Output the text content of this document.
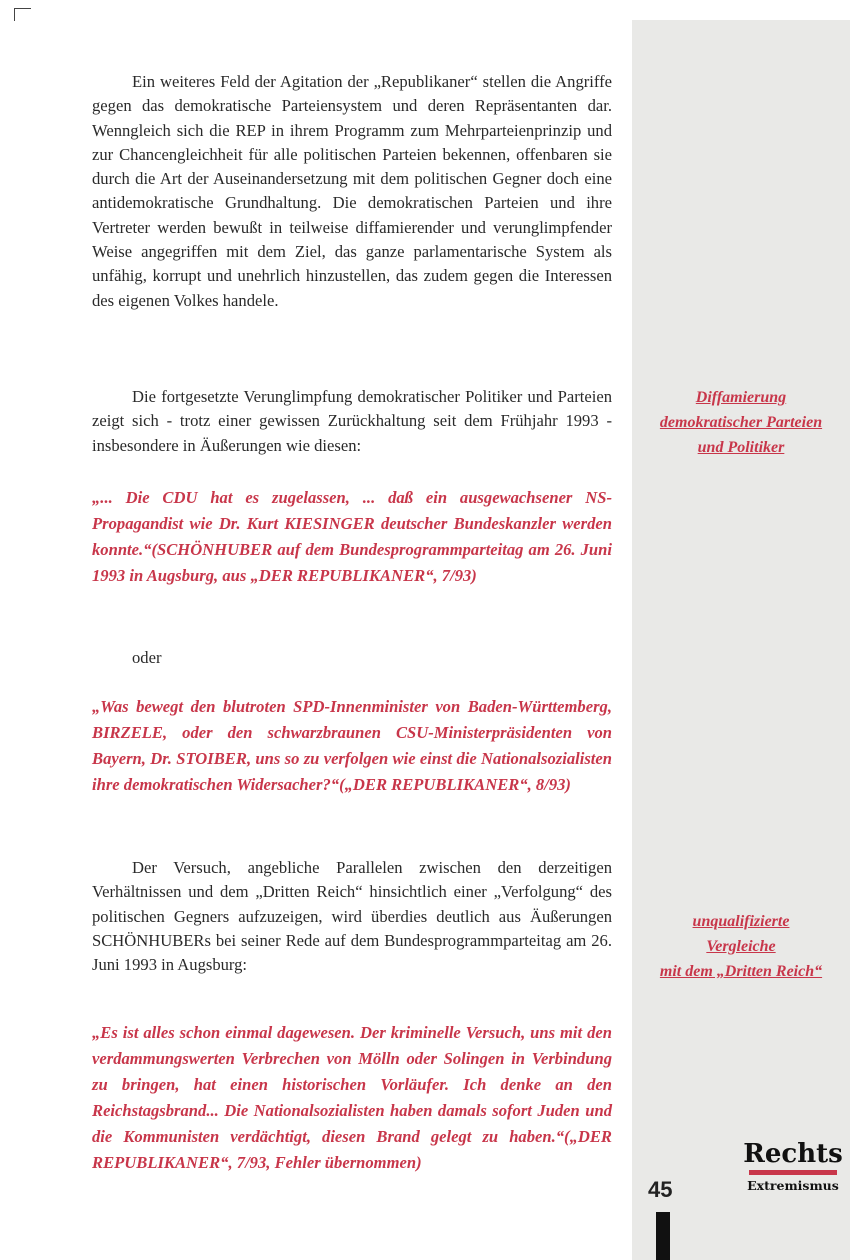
Ein weiteres Feld der Agitation der „Republikaner“ stellen die Angriffe gegen das demokratische Parteiensystem und deren Repräsentanten dar. Wenngleich sich die REP in ihrem Programm zum Mehrparteienprinzip und zur Chancengleichheit für alle politischen Parteien bekennen, offenbaren sie durch die Art der Auseinandersetzung mit dem politischen Gegner doch eine antidemokratische Grundhaltung. Die demokratischen Parteien und ihre Vertreter werden bewußt in teilweise diffamierender und verunglimpfender Weise angegriffen mit dem Ziel, das ganze parlamentarische System als unfähig, korrupt und unehrlich hinzustellen, das zudem gegen die Interessen des eigenen Volkes handele.

Die fortgesetzte Verunglimpfung demokratischer Politiker und Parteien zeigt sich - trotz einer gewissen Zurückhaltung seit dem Frühjahr 1993 - insbesondere in Äußerungen wie diesen:

„... Die CDU hat es zugelassen, ... daß ein ausgewachsener NS-Propagandist wie Dr. Kurt KIESINGER deutscher Bundeskanzler werden konnte.“(SCHÖNHUBER auf dem Bundesprogrammparteitag am 26. Juni 1993 in Augsburg, aus „DER REPUBLIKANER“, 7/93)

oder

„Was bewegt den blutroten SPD-Innenminister von Baden-Württemberg, BIRZELE, oder den schwarzbraunen CSU-Ministerpräsidenten von Bayern, Dr. STOIBER, uns so zu verfolgen wie einst die Nationalsozialisten ihre demokratischen Widersacher?“(„DER REPUBLIKANER“, 8/93)

Der Versuch, angebliche Parallelen zwischen den derzeitigen Verhältnissen und dem „Dritten Reich“ hinsichtlich einer „Verfolgung“ des politischen Gegners aufzuzeigen, wird überdies deutlich aus Äußerungen SCHÖNHUBERs bei seiner Rede auf dem Bundesprogrammparteitag am 26. Juni 1993 in Augsburg:

„Es ist alles schon einmal dagewesen. Der kriminelle Versuch, uns mit den verdammungswerten Verbrechen von Mölln oder Solingen in Verbindung zu bringen, hat einen historischen Vorläufer. Ich denke an den Reichstagsbrand... Die Nationalsozialisten haben damals sofort Juden und die Kommunisten verdächtigt, diesen Brand gelegt zu haben.“(„DER REPUBLIKANER“, 7/93, Fehler übernommen)

Diffamierung
demokratischer Parteien
und Politiker
unqualifizierte
Vergleiche
mit dem „Dritten Reich“
45
Rechts
Extremismus
